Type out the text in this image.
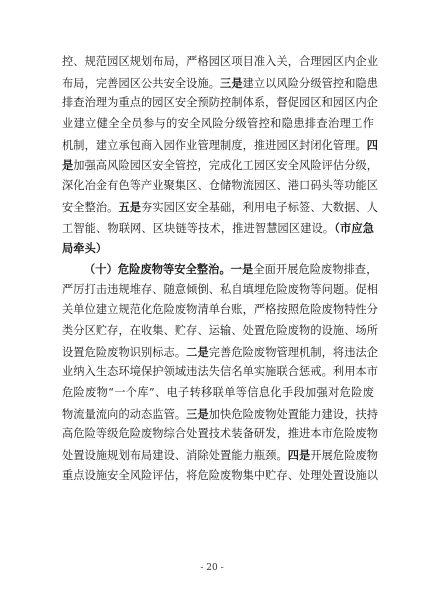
控、规范园区规划布局，严格园区项目准入关，合理园区内企业
布局，完善园区公共安全设施。三是建立以风险分级管控和隐患
排查治理为重点的园区安全预防控制体系，督促园区和园区内企
业建立健全全员参与的安全风险分级管控和隐患排查治理工作
机制，建立承包商入园作业管理制度，推进园区封闭化管理。四
是加强高风险园区安全管控，完成化工园区安全风险评估分级，
深化冶金有色等产业聚集区、仓储物流园区、港口码头等功能区
安全整治。五是夯实园区安全基础，利用电子标签、大数据、人
工智能、物联网、区块链等技术，推进智慧园区建设。（市应急
局牵头）
（十）危险废物等安全整治。一是全面开展危险废物排查，
严厉打击违规堆存、随意倾倒、私自填埋危险废物等问题。促相
关单位建立规范化危险废物清单台账，严格按照危险废物特性分
类分区贮存，在收集、贮存、运输、处置危险废物的设施、场所
设置危险废物识别标志。二是完善危险废物管理机制，将违法企
业纳入生态环境保护领域违法失信名单实施联合惩戒。利用本市
危险废物“一个库”、电子转移联单等信息化手段加强对危险废
物流量流向的动态监管。三是加快危险废物处置能力建设，扶持
高危险等级危险废物综合处置技术装备研发，推进本市危险废物
处置设施规划布局建设、消除处置能力瓶颈。四是开展危险废物
重点设施安全风险评估，将危险废物集中贮存、处理处置设施以
- 20 -
